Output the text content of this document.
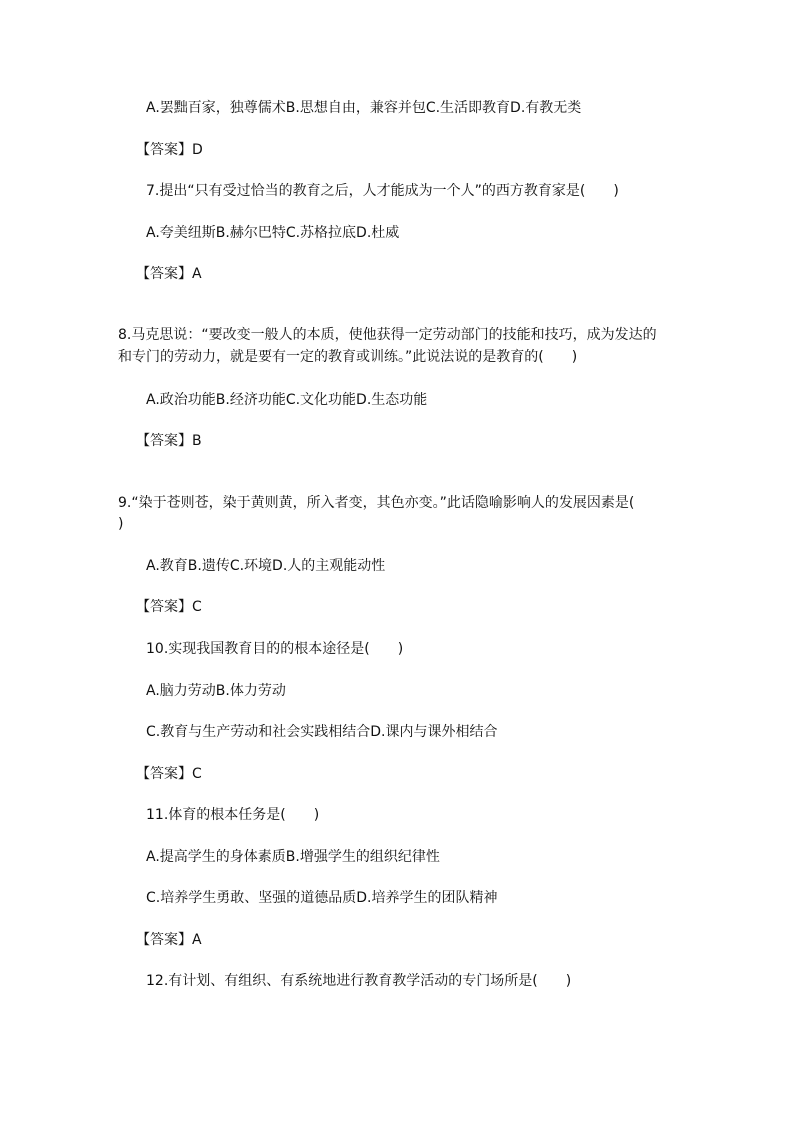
A.罢黜百家，独尊儒术B.思想自由，兼容并包C.生活即教育D.有教无类
【答案】D
7.提出“只有受过恰当的教育之后，人才能成为一个人”的西方教育家是(　　)
A.夸美纽斯B.赫尔巴特C.苏格拉底D.杜威
【答案】A
8.马克思说：“要改变一般人的本质，使他获得一定劳动部门的技能和技巧，成为发达的
和专门的劳动力，就是要有一定的教育或训练。”此说法说的是教育的(　　)
A.政治功能B.经济功能C.文化功能D.生态功能
【答案】B
9.“染于苍则苍，染于黄则黄，所入者变，其色亦变。”此话隐喻影响人的发展因素是(
)
A.教育B.遗传C.环境D.人的主观能动性
【答案】C
10.实现我国教育目的的根本途径是(　　)
A.脑力劳动B.体力劳动
C.教育与生产劳动和社会实践相结合D.课内与课外相结合
【答案】C
11.体育的根本任务是(　　)
A.提高学生的身体素质B.增强学生的组织纪律性
C.培养学生勇敢、坚强的道德品质D.培养学生的团队精神
【答案】A
12.有计划、有组织、有系统地进行教育教学活动的专门场所是(　　)
